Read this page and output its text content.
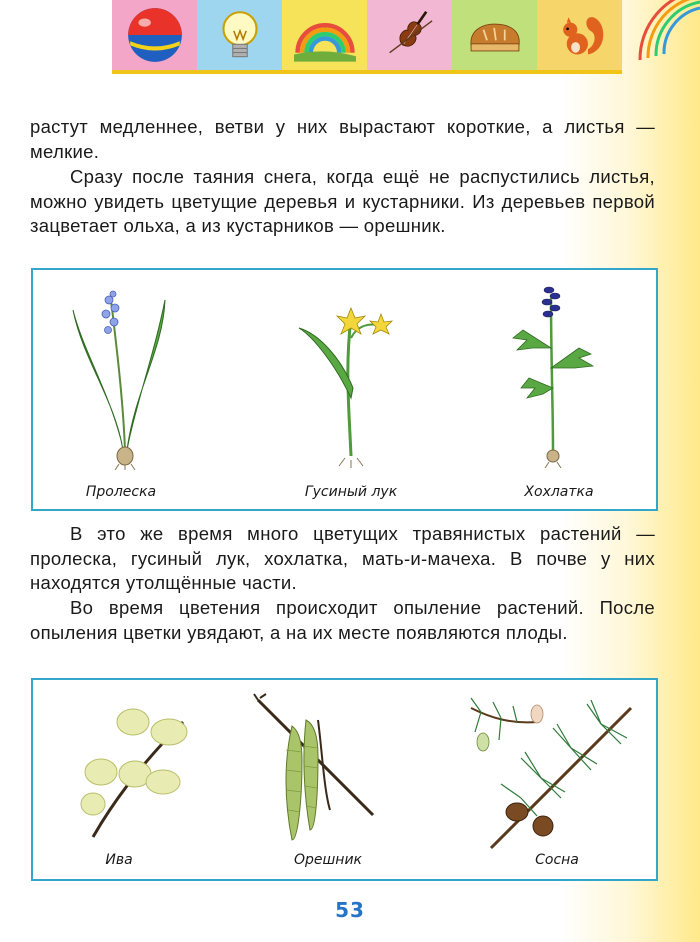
растут медленнее, ветви у них вырастают короткие, а листья — мелкие.

Сразу после таяния снега, когда ещё не распустились листья, можно увидеть цветущие деревья и кустарники. Из деревьев первой зацветает ольха, а из кустарников — орешник.

Пролеска	Гусиный лук	Хохлатка

В это же время много цветущих травянистых растений — пролеска, гусиный лук, хохлатка, мать-и-мачеха. В почве у них находятся утолщённые части.

Во время цветения происходит опыление растений. После опыления цветки увядают, а на их месте появляются плоды.

Ива	Орешник	Сосна
53
